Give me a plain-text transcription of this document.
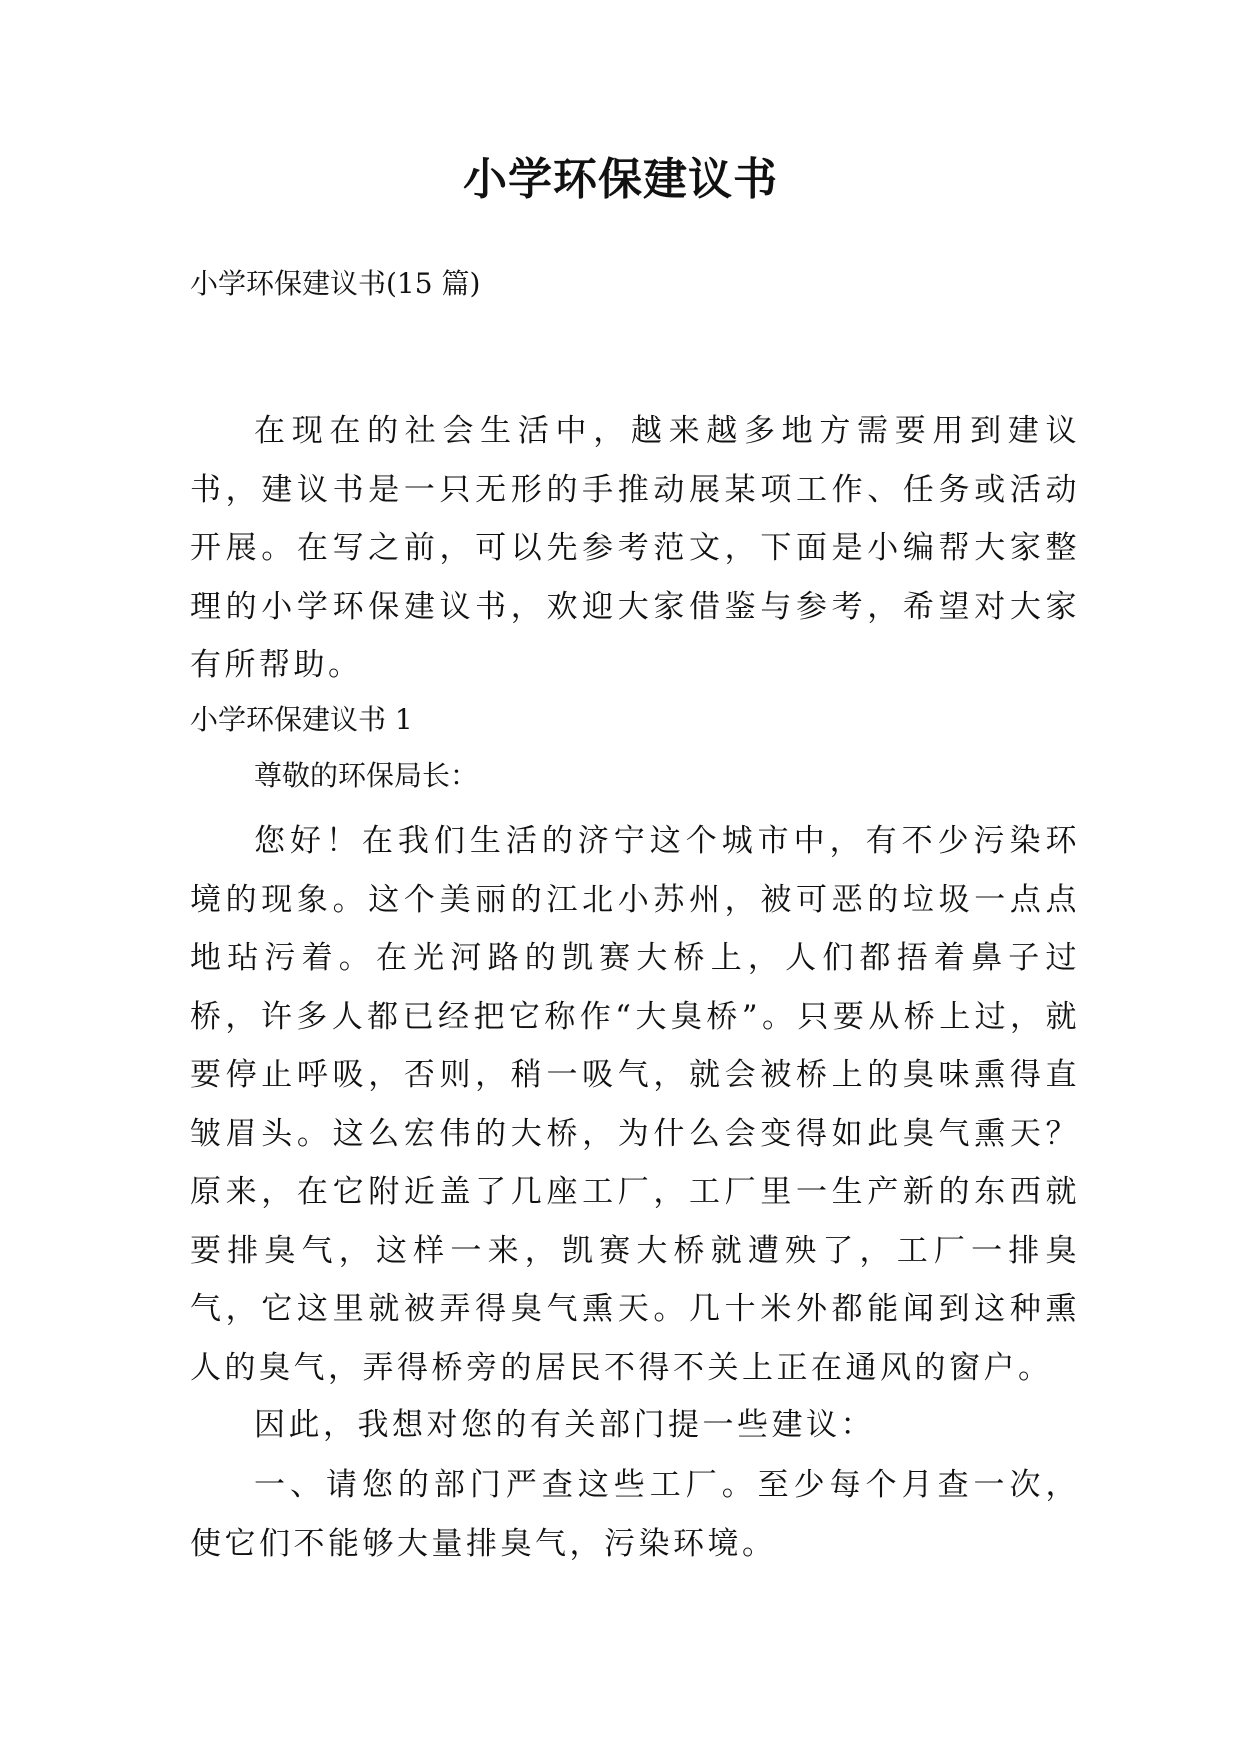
小学环保建议书

小学环保建议书(15 篇)

在现在的社会生活中，越来越多地方需要用到建议书，建议书是一只无形的手推动展某项工作、任务或活动开展。在写之前，可以先参考范文，下面是小编帮大家整理的小学环保建议书，欢迎大家借鉴与参考，希望对大家有所帮助。

小学环保建议书 1

尊敬的环保局长：

您好！在我们生活的济宁这个城市中，有不少污染环境的现象。这个美丽的江北小苏州，被可恶的垃圾一点点地玷污着。在光河路的凯赛大桥上，人们都捂着鼻子过桥，许多人都已经把它称作“大臭桥”。只要从桥上过，就要停止呼吸，否则，稍一吸气，就会被桥上的臭味熏得直皱眉头。这么宏伟的大桥，为什么会变得如此臭气熏天？原来，在它附近盖了几座工厂，工厂里一生产新的东西就要排臭气，这样一来，凯赛大桥就遭殃了，工厂一排臭气，它这里就被弄得臭气熏天。几十米外都能闻到这种熏人的臭气，弄得桥旁的居民不得不关上正在通风的窗户。

因此，我想对您的有关部门提一些建议：

一、请您的部门严查这些工厂。至少每个月查一次，使它们不能够大量排臭气，污染环境。
